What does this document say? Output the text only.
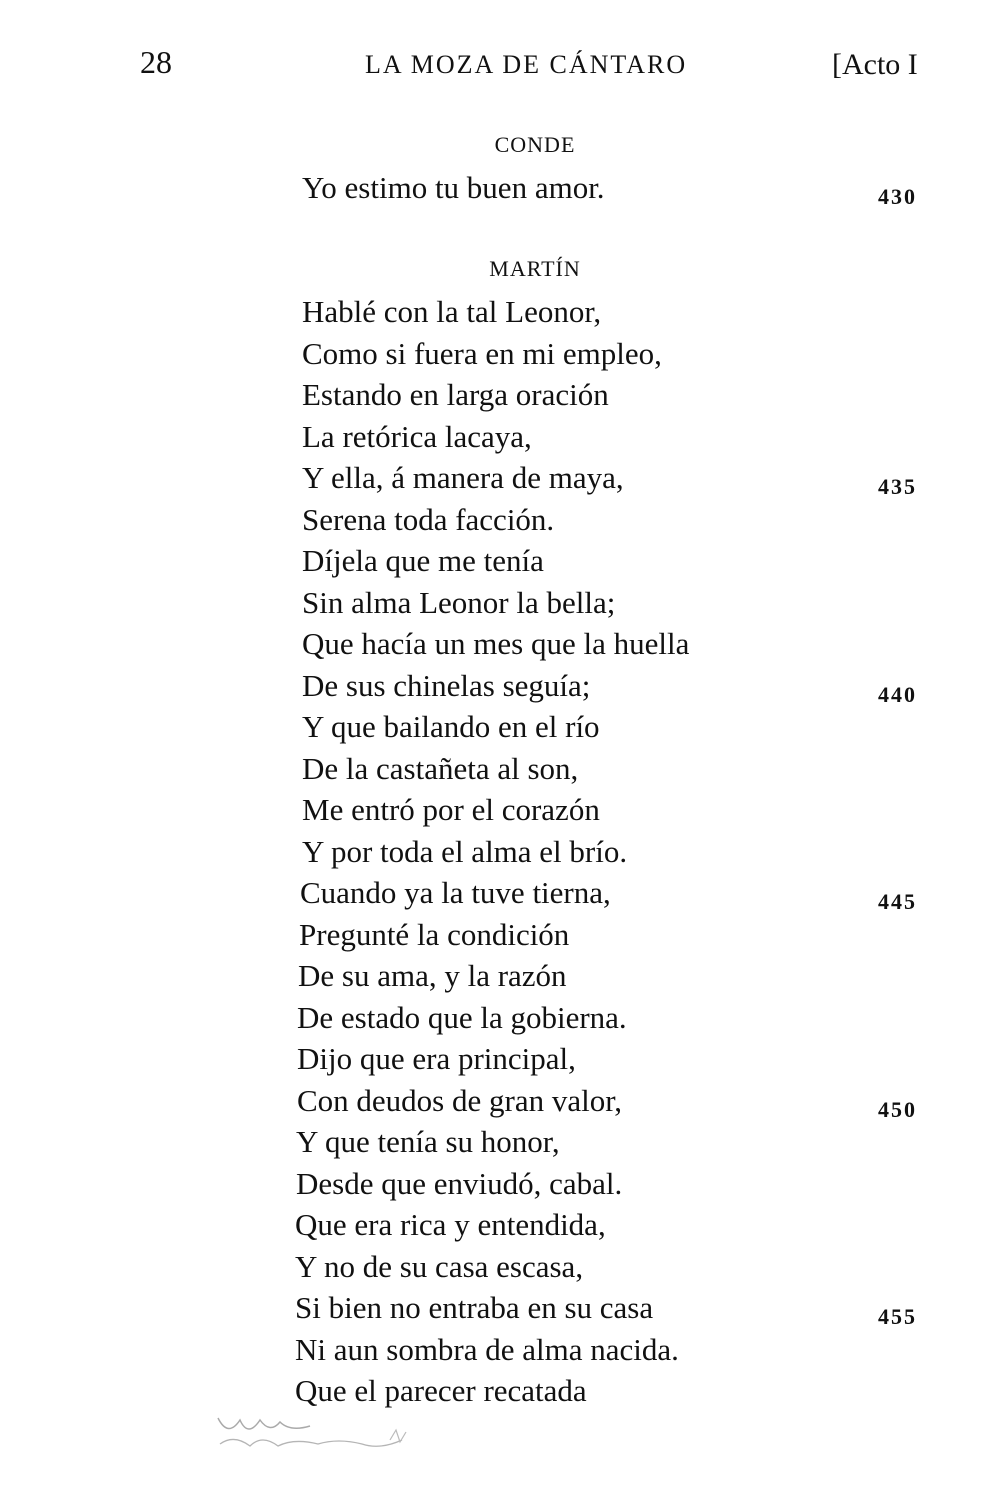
28	LA MOZA DE CÁNTARO	[Acto I
CONDE
Yo estimo tu buen amor.	430
MARTÍN
Hablé con la tal Leonor,
Como si fuera en mi empleo,
Estando en larga oración
La retórica lacaya,
Y ella, á manera de maya,	435
Serena toda facción.
Díjela que me tenía
Sin alma Leonor la bella;
Que hacía un mes que la huella
De sus chinelas seguía;	440
Y que bailando en el río
De la castañeta al son,
Me entró por el corazón
Y por toda el alma el brío.
Cuando ya la tuve tierna,	445
Pregunté la condición
De su ama, y la razón
De estado que la gobierna.
Dijo que era principal,
Con deudos de gran valor,	450
Y que tenía su honor,
Desde que enviudó, cabal.
Que era rica y entendida,
Y no de su casa escasa,
Si bien no entraba en su casa	455
Ni aun sombra de alma nacida.
Que el parecer recatada
